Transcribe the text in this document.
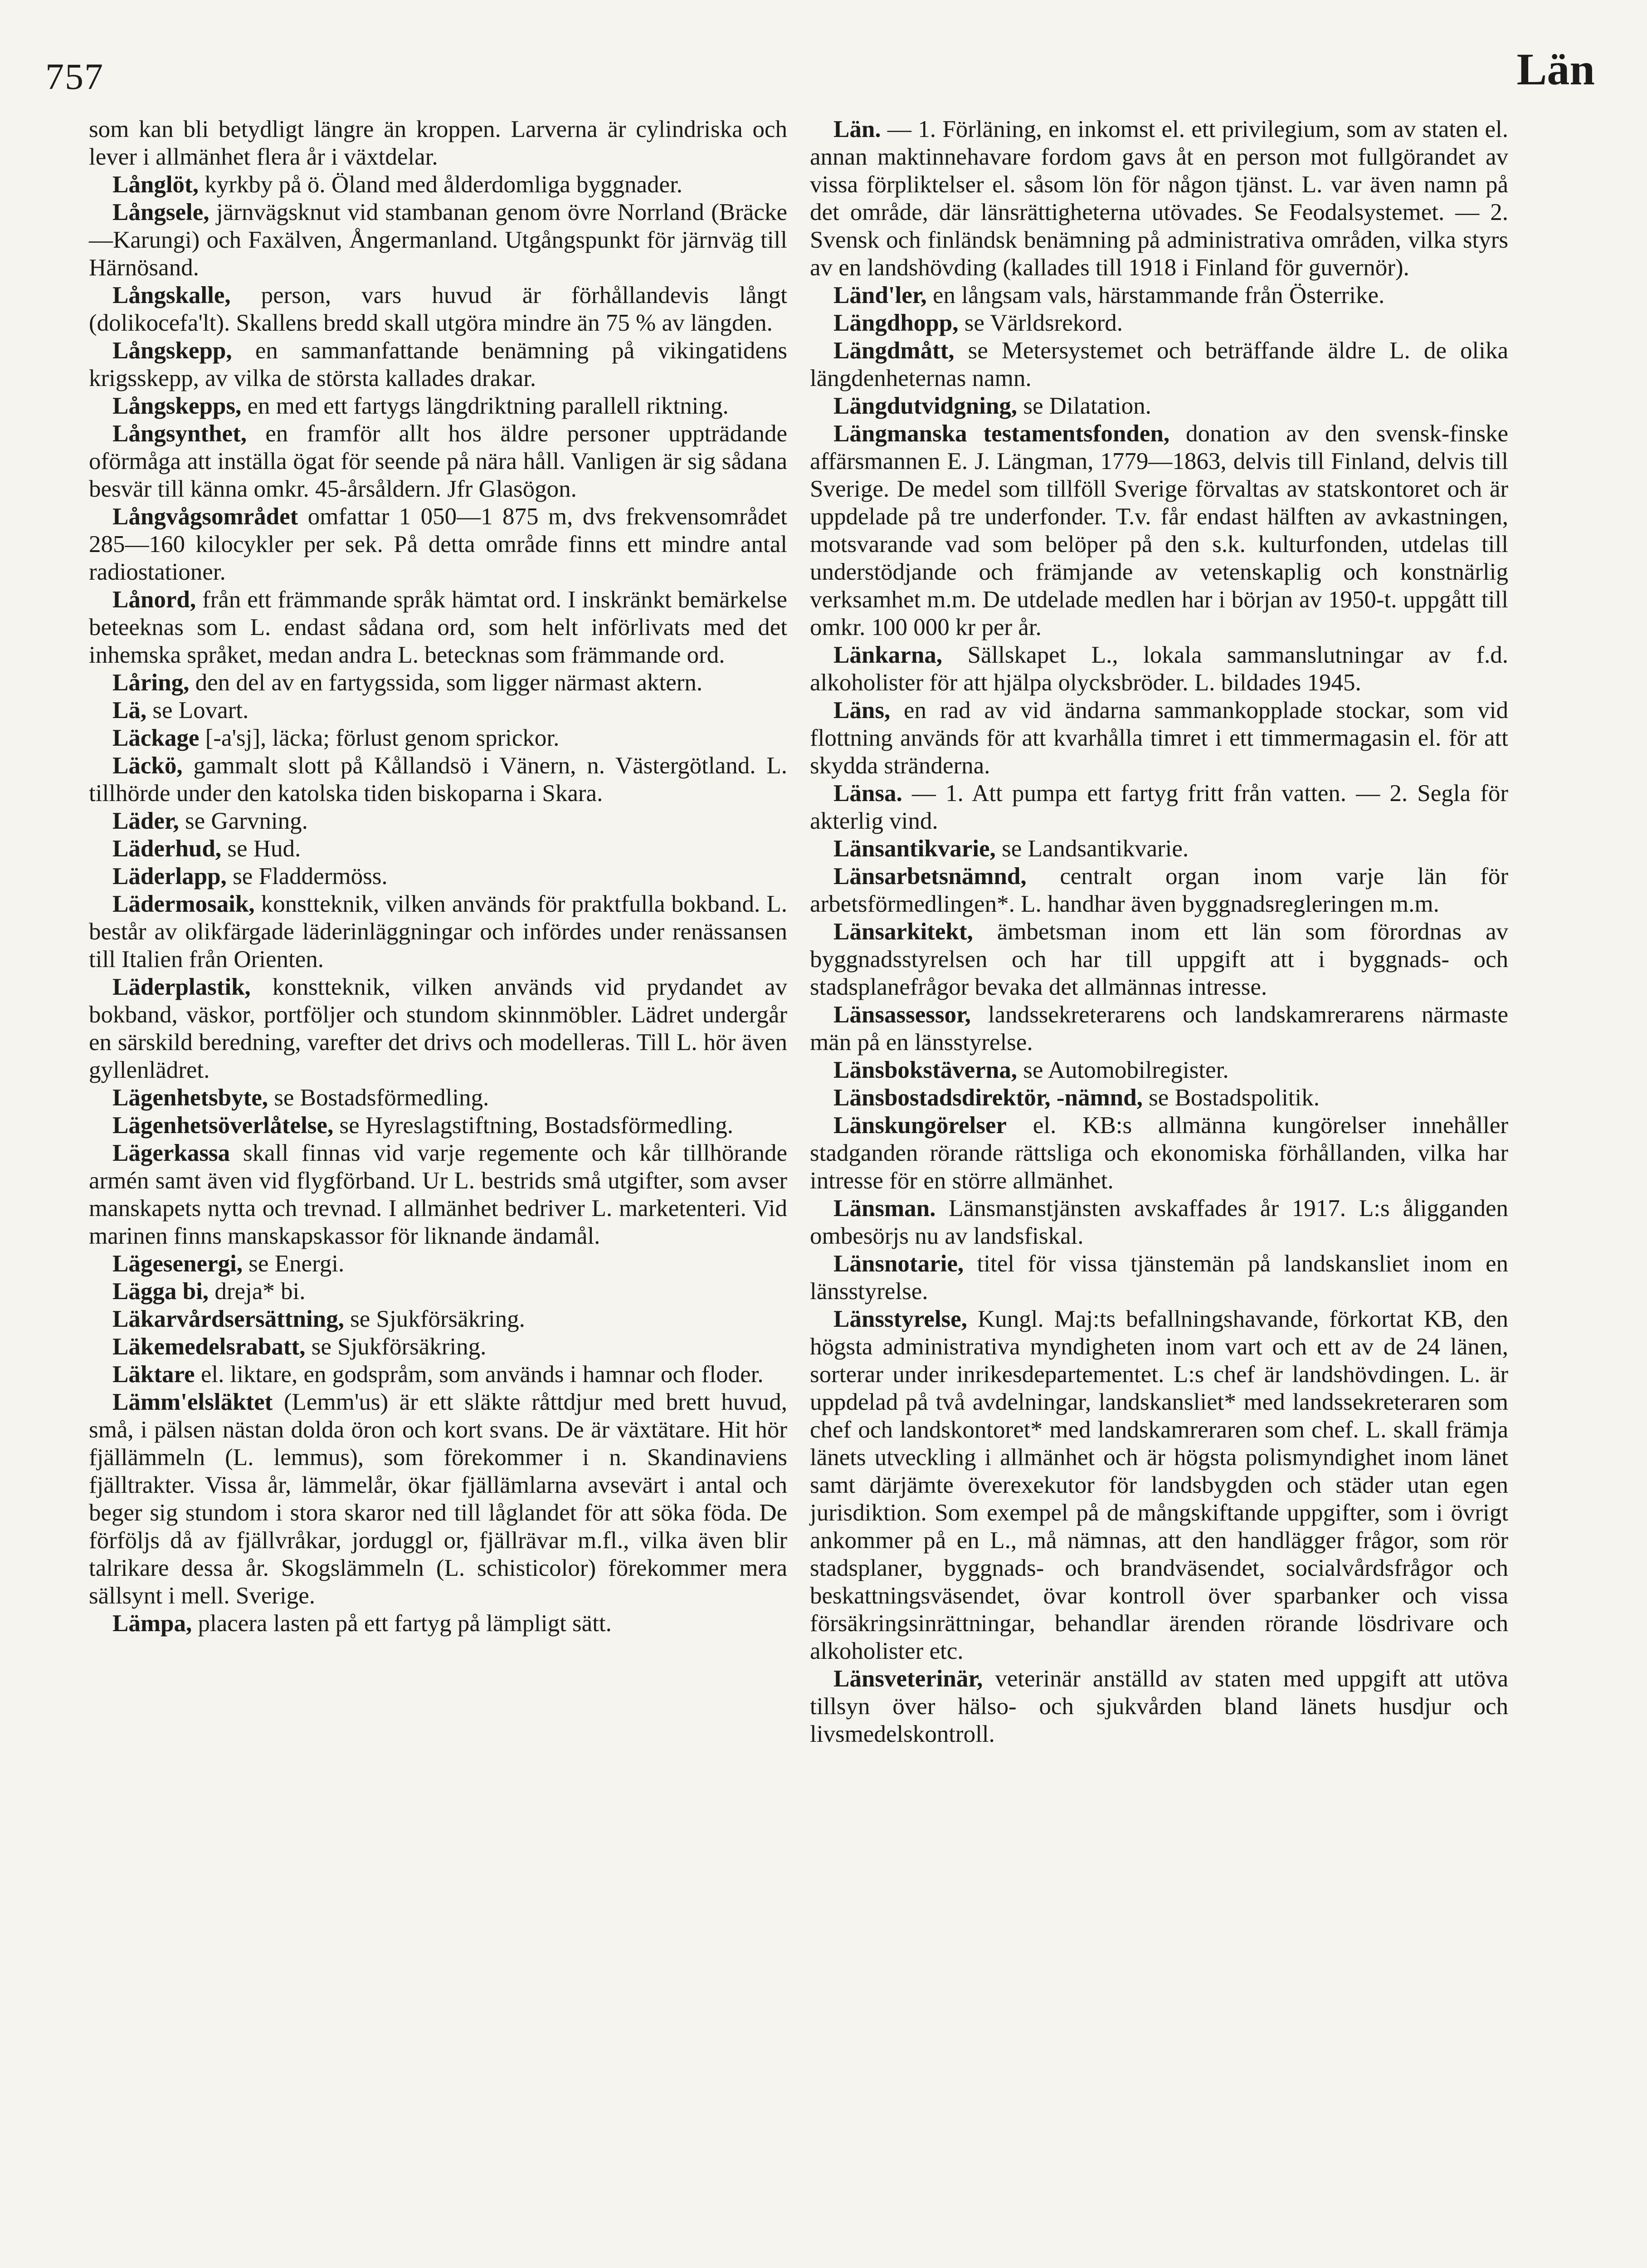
757	Län

som kan bli betydligt längre än kroppen. Larverna är cylindriska och lever i allmänhet flera år i växtdelar.

Långlöt, kyrkby på ö. Öland med ålderdomliga byggnader.

Långsele, järnvägsknut vid stambanan genom övre Norrland (Bräcke—Karungi) och Faxälven, Ångermanland. Utgångspunkt för järnväg till Härnösand.

Långskalle, person, vars huvud är förhållandevis långt (dolikocefa'lt). Skallens bredd skall utgöra mindre än 75 % av längden.

Långskepp, en sammanfattande benämning på vikingatidens krigsskepp, av vilka de största kallades drakar.

Långskepps, en med ett fartygs längdriktning parallell riktning.

Långsynthet, en framför allt hos äldre personer uppträdande oförmåga att inställa ögat för seende på nära håll. Vanligen är sig sådana besvär till känna omkr. 45-årsåldern. Jfr Glasögon.

Långvågsområdet omfattar 1 050—1 875 m, dvs frekvensområdet 285—160 kilocykler per sek. På detta område finns ett mindre antal radiostationer.

Lånord, från ett främmande språk hämtat ord. I inskränkt bemärkelse beteeknas som L. endast sådana ord, som helt införlivats med det inhemska språket, medan andra L. betecknas som främmande ord.

Låring, den del av en fartygssida, som ligger närmast aktern.

Lä, se Lovart.

Läckage [-a'sj], läcka; förlust genom sprickor.

Läckö, gammalt slott på Kållandsö i Vänern, n. Västergötland. L. tillhörde under den katolska tiden biskoparna i Skara.

Läder, se Garvning.

Läderhud, se Hud.

Läderlapp, se Fladdermöss.

Lädermosaik, konstteknik, vilken används för praktfulla bokband. L. består av olikfärgade läderinläggningar och infördes under renässansen till Italien från Orienten.

Läderplastik, konstteknik, vilken används vid prydandet av bokband, väskor, portföljer och stundom skinnmöbler. Lädret undergår en särskild beredning, varefter det drivs och modelleras. Till L. hör även gyllenlädret.

Lägenhetsbyte, se Bostadsförmedling.

Lägenhetsöverlåtelse, se Hyreslagstiftning, Bostadsförmedling.

Lägerkassa skall finnas vid varje regemente och kår tillhörande armén samt även vid flygförband. Ur L. bestrids små utgifter, som avser manskapets nytta och trevnad. I allmänhet bedriver L. marketenteri. Vid marinen finns manskapskassor för liknande ändamål.

Lägesenergi, se Energi.

Lägga bi, dreja* bi.

Läkarvårdsersättning, se Sjukförsäkring.

Läkemedelsrabatt, se Sjukförsäkring.

Läktare el. liktare, en godspråm, som används i hamnar och floder.

Lämm'elsläktet (Lemm'us) är ett släkte råttdjur med brett huvud, små, i pälsen nästan dolda öron och kort svans. De är växtätare. Hit hör fjällämmeln (L. lemmus), som förekommer i n. Skandinaviens fjälltrakter. Vissa år, lämmelår, ökar fjällämlarna avsevärt i antal och beger sig stundom i stora skaror ned till låglandet för att söka föda. De förföljs då av fjällvråkar, jorduggl or, fjällrävar m.fl., vilka även blir talrikare dessa år. Skogslämmeln (L. schisticolor) förekommer mera sällsynt i mell. Sverige.

Lämpa, placera lasten på ett fartyg på lämpligt sätt.

Län. — 1. Förläning, en inkomst el. ett privilegium, som av staten el. annan maktinnehavare fordom gavs åt en person mot fullgörandet av vissa förpliktelser el. såsom lön för någon tjänst. L. var även namn på det område, där länsrättigheterna utövades. Se Feodalsystemet. — 2. Svensk och finländsk benämning på administrativa områden, vilka styrs av en landshövding (kallades till 1918 i Finland för guvernör).

Länd'ler, en långsam vals, härstammande från Österrike.

Längdhopp, se Världsrekord.

Längdmått, se Metersystemet och beträffande äldre L. de olika längdenheternas namn.

Längdutvidgning, se Dilatation.

Längmanska testamentsfonden, donation av den svensk-finske affärsmannen E. J. Längman, 1779—1863, delvis till Finland, delvis till Sverige. De medel som tillföll Sverige förvaltas av statskontoret och är uppdelade på tre underfonder. T.v. får endast hälften av avkastningen, motsvarande vad som belöper på den s.k. kulturfonden, utdelas till understödjande och främjande av vetenskaplig och konstnärlig verksamhet m.m. De utdelade medlen har i början av 1950-t. uppgått till omkr. 100 000 kr per år.

Länkarna, Sällskapet L., lokala sammanslutningar av f.d. alkoholister för att hjälpa olycksbröder. L. bildades 1945.

Läns, en rad av vid ändarna sammankopplade stockar, som vid flottning används för att kvarhålla timret i ett timmermagasin el. för att skydda stränderna.

Länsa. — 1. Att pumpa ett fartyg fritt från vatten. — 2. Segla för akterlig vind.

Länsantikvarie, se Landsantikvarie.

Länsarbetsnämnd, centralt organ inom varje län för arbetsförmedlingen*. L. handhar även byggnadsregleringen m.m.

Länsarkitekt, ämbetsman inom ett län som förordnas av byggnadsstyrelsen och har till uppgift att i byggnads- och stadsplanefrågor bevaka det allmännas intresse.

Länsassessor, landssekreterarens och landskamrerarens närmaste män på en länsstyrelse.

Länsbokstäverna, se Automobilregister.

Länsbostadsdirektör, -nämnd, se Bostadspolitik.

Länskungörelser el. KB:s allmänna kungörelser innehåller stadganden rörande rättsliga och ekonomiska förhållanden, vilka har intresse för en större allmänhet.

Länsman. Länsmanstjänsten avskaffades år 1917. L:s åligganden ombesörjs nu av landsfiskal.

Länsnotarie, titel för vissa tjänstemän på landskansliet inom en länsstyrelse.

Länsstyrelse, Kungl. Maj:ts befallningshavande, förkortat KB, den högsta administrativa myndigheten inom vart och ett av de 24 länen, sorterar under inrikesdepartementet. L:s chef är landshövdingen. L. är uppdelad på två avdelningar, landskansliet* med landssekreteraren som chef och landskontoret* med landskamreraren som chef. L. skall främja länets utveckling i allmänhet och är högsta polismyndighet inom länet samt därjämte överexekutor för landsbygden och städer utan egen jurisdiktion. Som exempel på de mångskiftande uppgifter, som i övrigt ankommer på en L., må nämnas, att den handlägger frågor, som rör stadsplaner, byggnads- och brandväsendet, socialvårdsfrågor och beskattningsväsendet, övar kontroll över sparbanker och vissa försäkringsinrättningar, behandlar ärenden rörande lösdrivare och alkoholister etc.

Länsveterinär, veterinär anställd av staten med uppgift att utöva tillsyn över hälso- och sjukvården bland länets husdjur och livsmedelskontroll.
